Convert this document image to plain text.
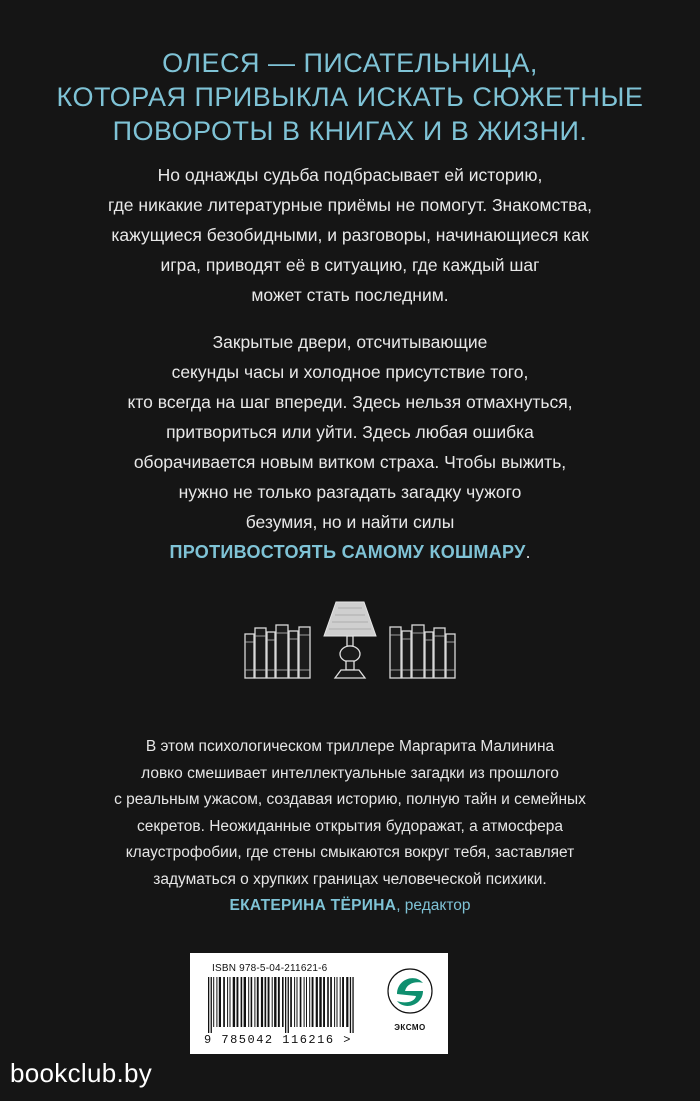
ОЛЕСЯ — ПИСАТЕЛЬНИЦА,
КОТОРАЯ ПРИВЫКЛА ИСКАТЬ СЮЖЕТНЫЕ
ПОВОРОТЫ В КНИГАХ И В ЖИЗНИ.
Но однажды судьба подбрасывает ей историю,
где никакие литературные приёмы не помогут. Знакомства,
кажущиеся безобидными, и разговоры, начинающиеся как
игра, приводят её в ситуацию, где каждый шаг
может стать последним.
Закрытые двери, отсчитывающие
секунды часы и холодное присутствие того,
кто всегда на шаг впереди. Здесь нельзя отмахнуться,
притвориться или уйти. Здесь любая ошибка
оборачивается новым витком страха. Чтобы выжить,
нужно не только разгадать загадку чужого
безумия, но и найти силы
ПРОТИВОСТОЯТЬ САМОМУ КОШМАРУ.
В этом психологическом триллере Маргарита Малинина
ловко смешивает интеллектуальные загадки из прошлого
с реальным ужасом, создавая историю, полную тайн и семейных
секретов. Неожиданные открытия будоражат, а атмосфера
клаустрофобии, где стены смыкаются вокруг тебя, заставляет
задуматься о хрупких границах человеческой психики.
ЕКАТЕРИНА ТЁРИНА, редактор
ISBN 978-5-04-211621-6
9 785042 116216 >
ЭКСМО
bookclub.by
